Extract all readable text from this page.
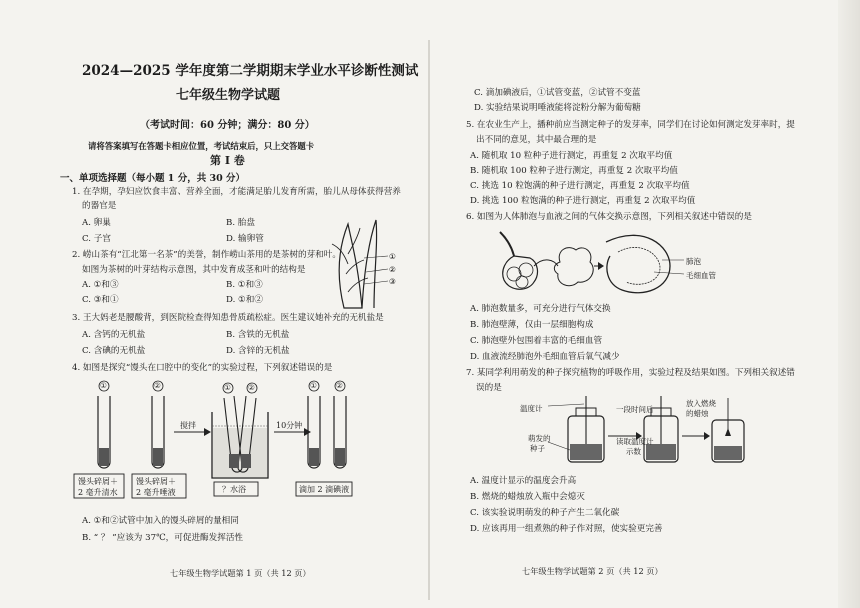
2024—2025 学年度第二学期期末学业水平诊断性测试
七年级生物学试题
（考试时间：60 分钟；满分：80 分）
请将答案填写在答题卡相应位置，考试结束后，只上交答题卡
第 I 卷
一、单项选择题（每小题 1 分，共 30 分）
1. 在孕期，孕妇应饮食丰富、营养全面，才能满足胎儿发育所需，胎儿从母体获得营养
的器官是
A. 卵巢	B. 胎盘
C. 子宫	D. 输卵管
2. 崂山茶有“江北第一名茶”的美誉，制作崂山茶用的是茶树的芽和叶。
如图为茶树的叶芽结构示意图，其中发育成茎和叶的结构是
A. ①和③	B. ①和③
C. ③和①	D. ①和②
①
②
③
3. 王大妈老是腰酸背，到医院检查得知患骨质疏松症。医生建议她补充的无机盐是
A. 含钙的无机盐	B. 含铁的无机盐
C. 含碘的无机盐	D. 含锌的无机盐
4. 如图是探究“馒头在口腔中的变化”的实验过程，下列叙述错误的是
①	②	① ②	①	②
搅拌	10分钟
馒头碎屑＋
2 毫升清水
馒头碎屑＋
2 毫升唾液	？水浴	滴加 2 滴碘液
A. ①和②试管中加入的馒头碎屑的量相同
B. “ ？ ”应该为 37℃，可促进酶发挥活性
七年级生物学试题第 1 页（共 12 页）
C. 滴加碘液后，①试管变蓝，②试管不变蓝
D. 实验结果说明唾液能将淀粉分解为葡萄糖
5. 在农业生产上，播种前应当测定种子的发芽率，同学们在讨论如何测定发芽率时，提
出不同的意见，其中最合理的是
A. 随机取 10 粒种子进行测定，再重复 2 次取平均值
B. 随机取 100 粒种子进行测定，再重复 2 次取平均值
C. 挑选 10 粒饱满的种子进行测定，再重复 2 次取平均值
D. 挑选 100 粒饱满的种子进行测定，再重复 2 次取平均值
6. 如图为人体肺泡与血液之间的气体交换示意图，下列相关叙述中错误的是
肺泡
毛细血管
A. 肺泡数量多，可充分进行气体交换
B. 肺泡壁薄，仅由一层细胞构成
C. 肺泡壁外包围着丰富的毛细血管
D. 血液流经肺泡外毛细血管后氧气减少
7. 某同学利用萌发的种子探究植物的呼吸作用，实验过程及结果如图。下列相关叙述错
误的是
温度计
萌发的
种子
一段时间后
读取温度计
示数
放入燃烧
的蜡烛
A. 温度计显示的温度会升高
B. 燃烧的蜡烛放入瓶中会熄灭
C. 该实验说明萌发的种子产生二氧化碳
D. 应该再用一组煮熟的种子作对照，使实验更完善
七年级生物学试题第 2 页（共 12 页）
